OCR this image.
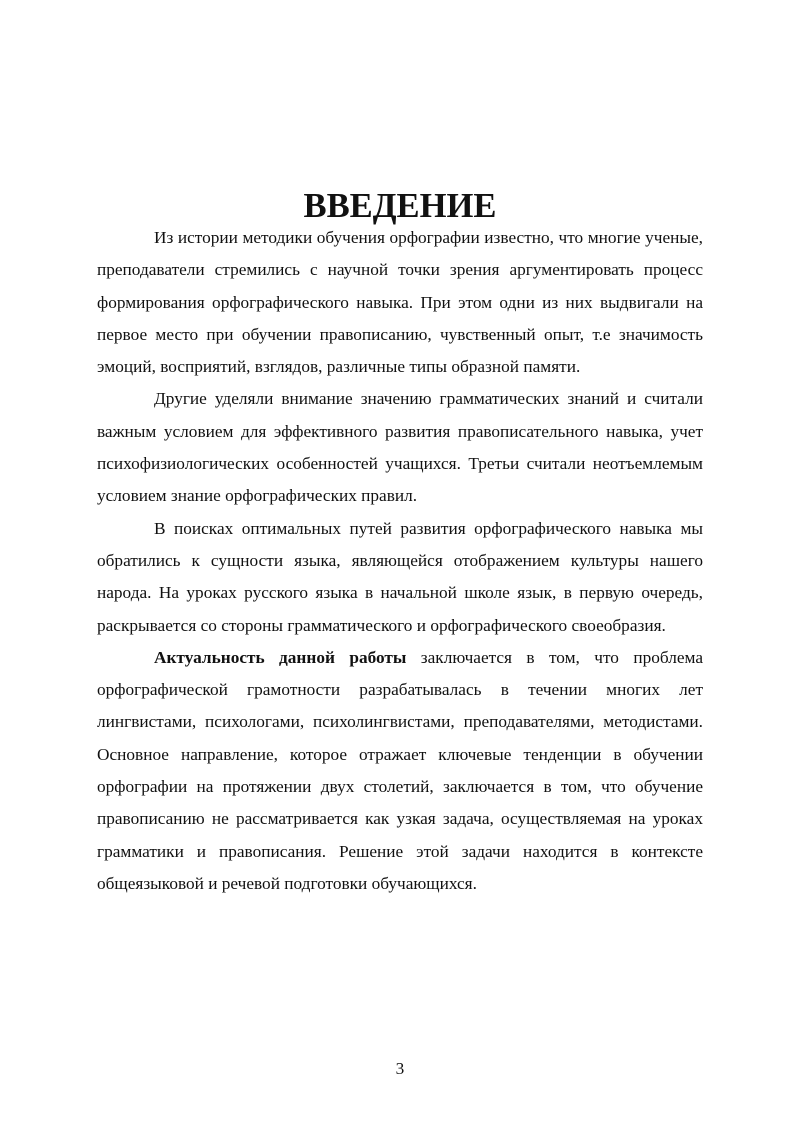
ВВЕДЕНИЕ

Из истории методики обучения орфографии известно, что многие ученые, преподаватели стремились с научной точки зрения аргументировать процесс формирования орфографического навыка. При этом одни из них выдвигали на первое место при обучении правописанию, чувственный опыт, т.е значимость эмоций, восприятий, взглядов, различные типы образной памяти.

Другие уделяли внимание значению грамматических знаний и считали важным условием для эффективного развития правописательного навыка, учет психофизиологических особенностей учащихся. Третьи считали неотъемлемым условием знание орфографических правил.

В поисках оптимальных путей развития орфографического навыка мы обратились к сущности языка, являющейся отображением культуры нашего народа. На уроках русского языка в начальной школе язык, в первую очередь, раскрывается со стороны грамматического и орфографического своеобразия.

Актуальность данной работы заключается в том, что проблема орфографической грамотности разрабатывалась в течении многих лет лингвистами, психологами, психолингвистами, преподавателями, методистами. Основное направление, которое отражает ключевые тенденции в обучении орфографии на протяжении двух столетий, заключается в том, что обучение правописанию не рассматривается как узкая задача, осуществляемая на уроках грамматики и правописания. Решение этой задачи находится в контексте общеязыковой и речевой подготовки обучающихся.

3
